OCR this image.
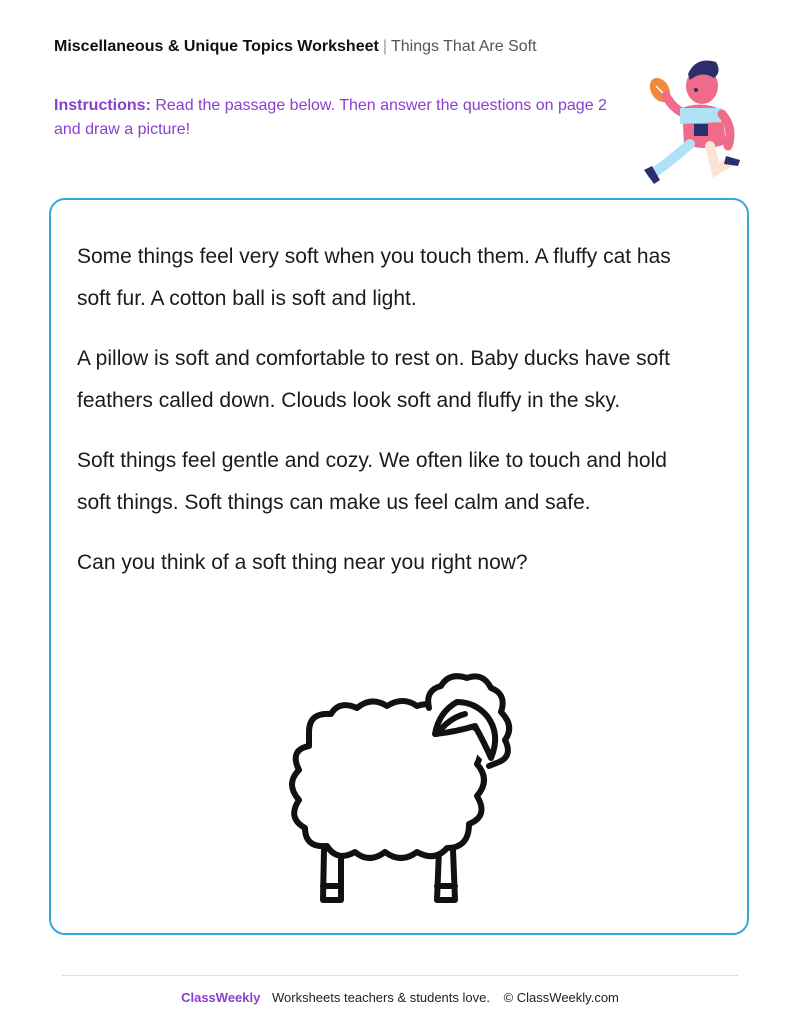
Miscellaneous & Unique Topics Worksheet | Things That Are Soft
Instructions: Read the passage below. Then answer the questions on page 2 and draw a picture!

Some things feel very soft when you touch them. A fluffy cat has soft fur. A cotton ball is soft and light.

A pillow is soft and comfortable to rest on. Baby ducks have soft feathers called down. Clouds look soft and fluffy in the sky.

Soft things feel gentle and cozy. We often like to touch and hold soft things. Soft things can make us feel calm and safe.

Can you think of a soft thing near you right now?

ClassWeekly Worksheets teachers & students love. © ClassWeekly.com
